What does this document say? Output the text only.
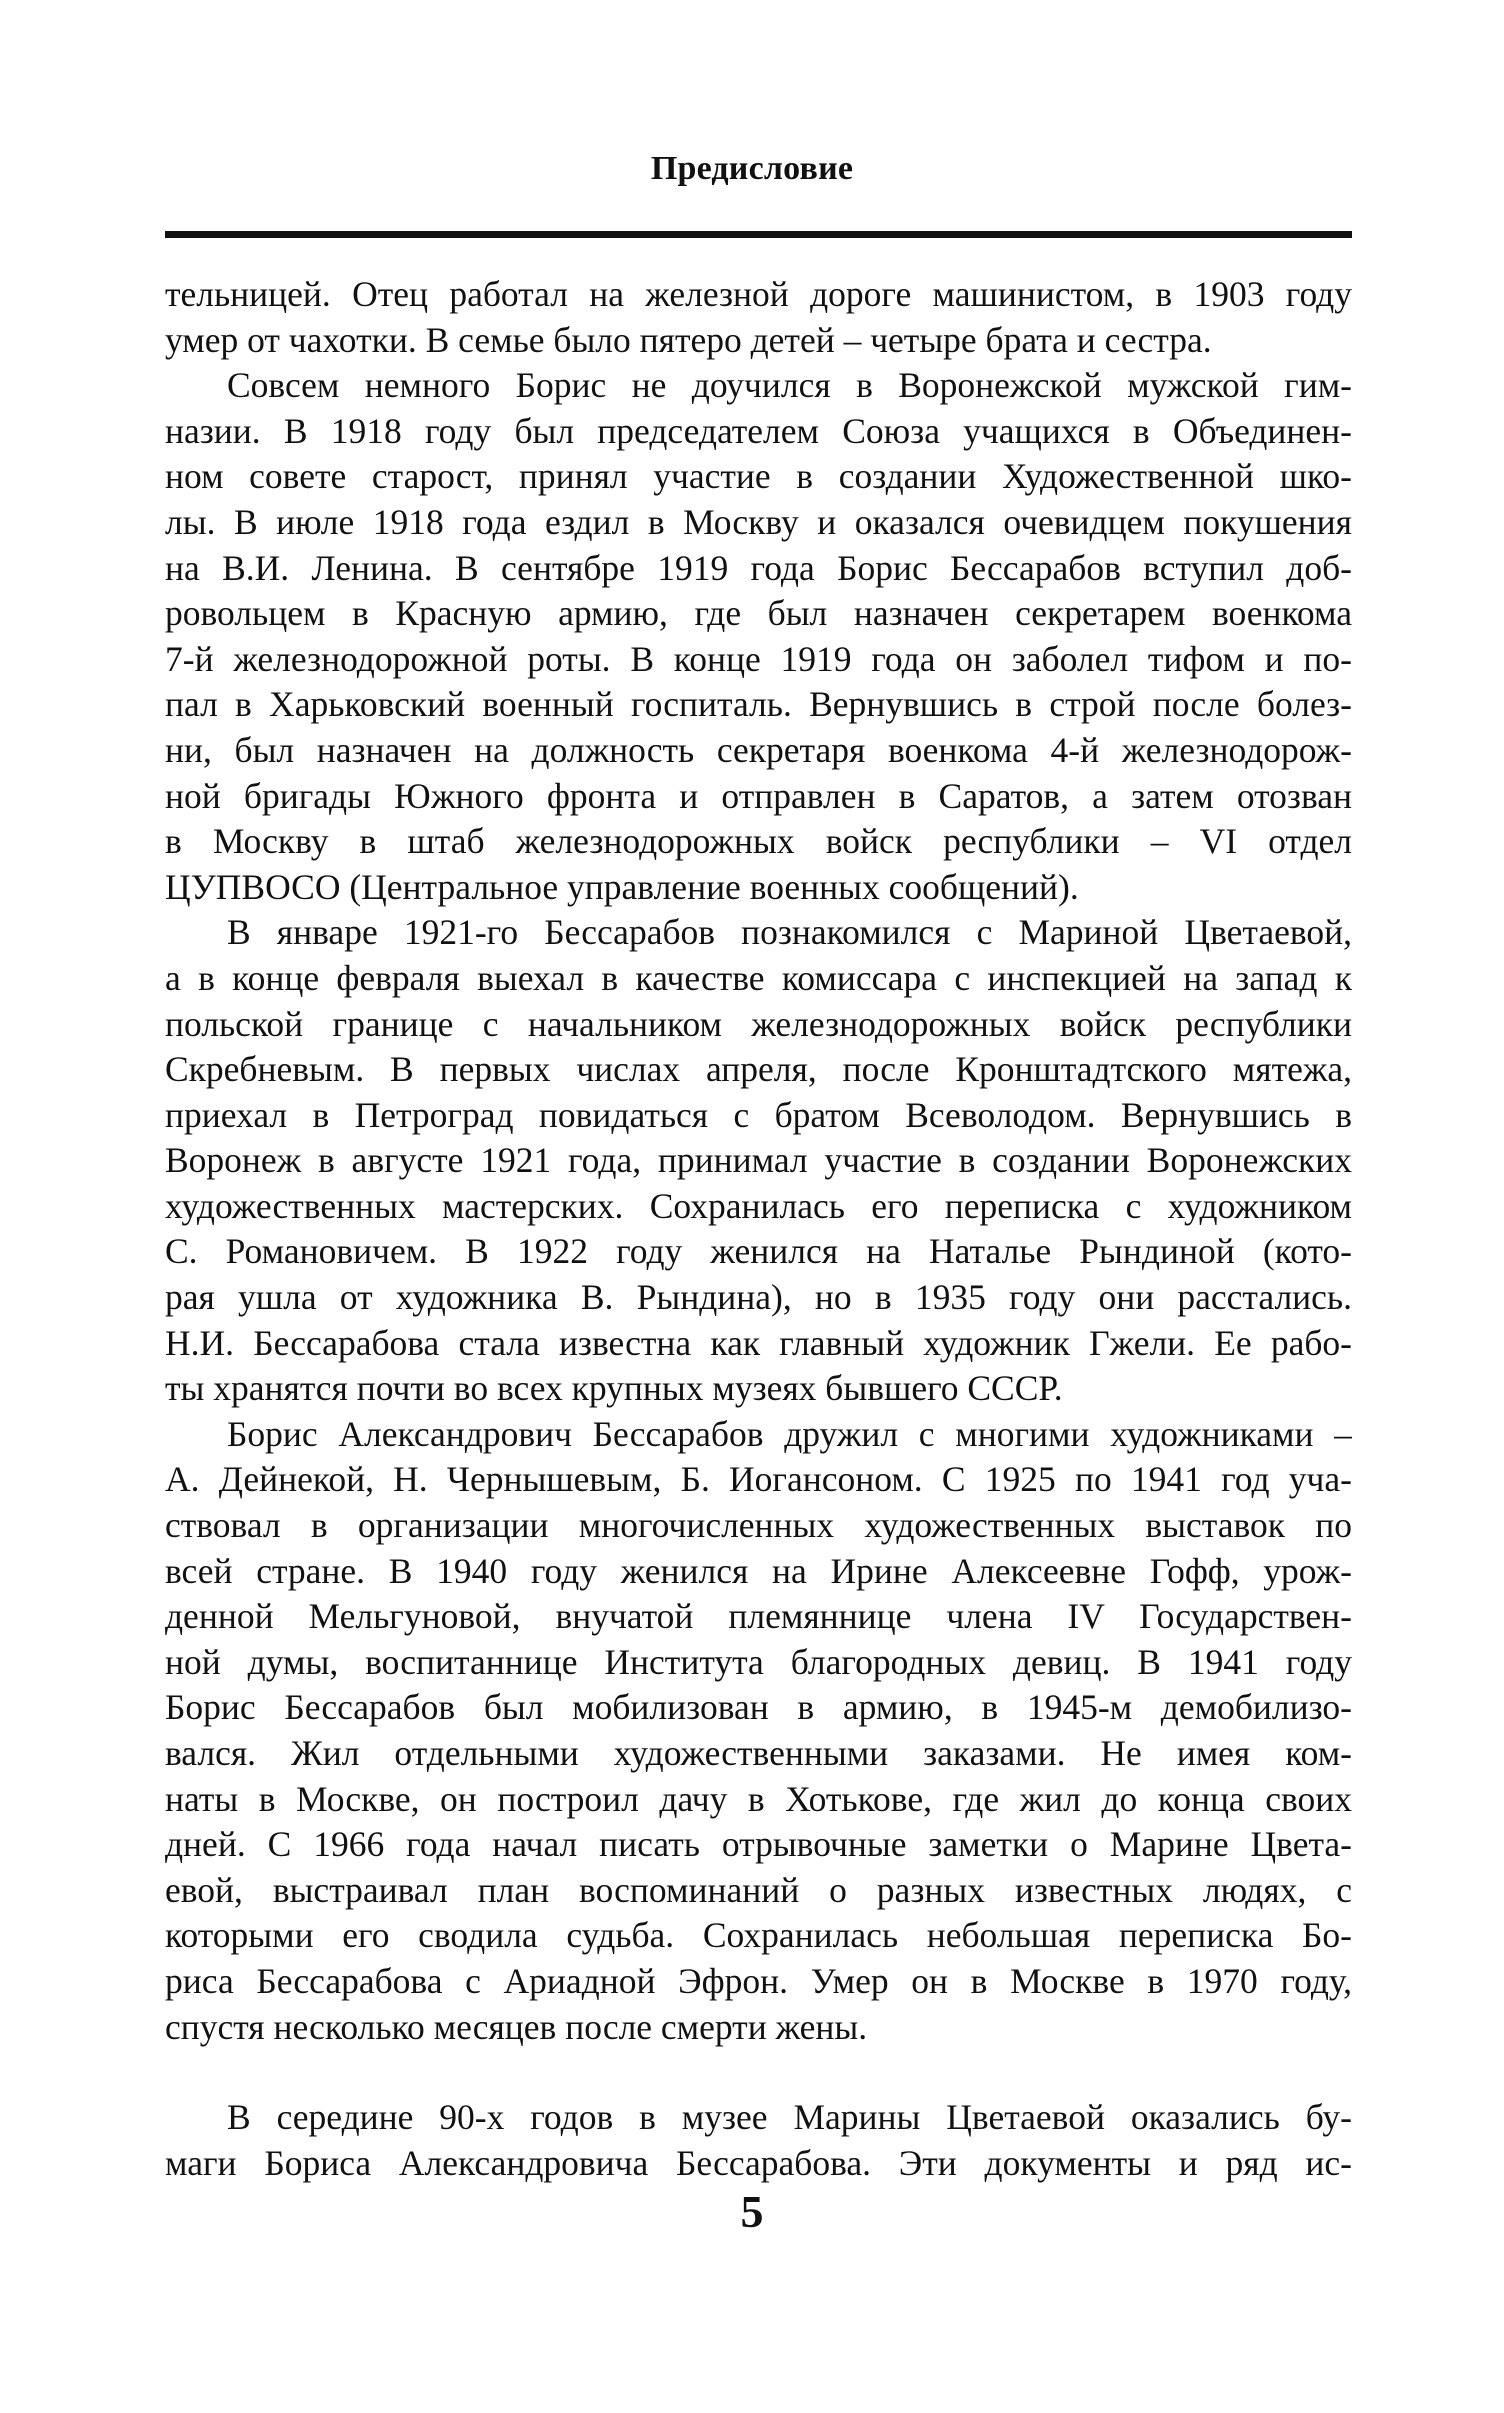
Предисловие
тельницей. Отец работал на железной дороге машинистом, в 1903 году
умер от чахотки. В семье было пятеро детей – четыре брата и сестра.
Совсем немного Борис не доучился в Воронежской мужской гим-
назии. В 1918 году был председателем Союза учащихся в Объединен-
ном совете старост, принял участие в создании Художественной шко-
лы. В июле 1918 года ездил в Москву и оказался очевидцем покушения
на В.И. Ленина. В сентябре 1919 года Борис Бессарабов вступил доб-
ровольцем в Красную армию, где был назначен секретарем военкома
7-й железнодорожной роты. В конце 1919 года он заболел тифом и по-
пал в Харьковский военный госпиталь. Вернувшись в строй после болез-
ни, был назначен на должность секретаря военкома 4-й железнодорож-
ной бригады Южного фронта и отправлен в Саратов, а затем отозван
в Москву в штаб железнодорожных войск республики – VI отдел
ЦУПВОСО (Центральное управление военных сообщений).
В январе 1921-го Бессарабов познакомился с Мариной Цветаевой,
а в конце февраля выехал в качестве комиссара с инспекцией на запад к
польской границе с начальником железнодорожных войск республики
Скребневым. В первых числах апреля, после Кронштадтского мятежа,
приехал в Петроград повидаться с братом Всеволодом. Вернувшись в
Воронеж в августе 1921 года, принимал участие в создании Воронежских
художественных мастерских. Сохранилась его переписка с художником
С. Романовичем. В 1922 году женился на Наталье Рындиной (кото-
рая ушла от художника В. Рындина), но в 1935 году они расстались.
Н.И. Бессарабова стала известна как главный художник Гжели. Ее рабо-
ты хранятся почти во всех крупных музеях бывшего СССР.
Борис Александрович Бессарабов дружил с многими художниками –
А. Дейнекой, Н. Чернышевым, Б. Иогансоном. С 1925 по 1941 год уча-
ствовал в организации многочисленных художественных выставок по
всей стране. В 1940 году женился на Ирине Алексеевне Гофф, урож-
денной Мельгуновой, внучатой племяннице члена IV Государствен-
ной думы, воспитаннице Института благородных девиц. В 1941 году
Борис Бессарабов был мобилизован в армию, в 1945-м демобилизо-
вался. Жил отдельными художественными заказами. Не имея ком-
наты в Москве, он построил дачу в Хотькове, где жил до конца своих
дней. С 1966 года начал писать отрывочные заметки о Марине Цвета-
евой, выстраивал план воспоминаний о разных известных людях, с
которыми его сводила судьба. Сохранилась небольшая переписка Бо-
риса Бессарабова с Ариадной Эфрон. Умер он в Москве в 1970 году,
спустя несколько месяцев после смерти жены.
В середине 90-х годов в музее Марины Цветаевой оказались бу-
маги Бориса Александровича Бессарабова. Эти документы и ряд ис-
5
